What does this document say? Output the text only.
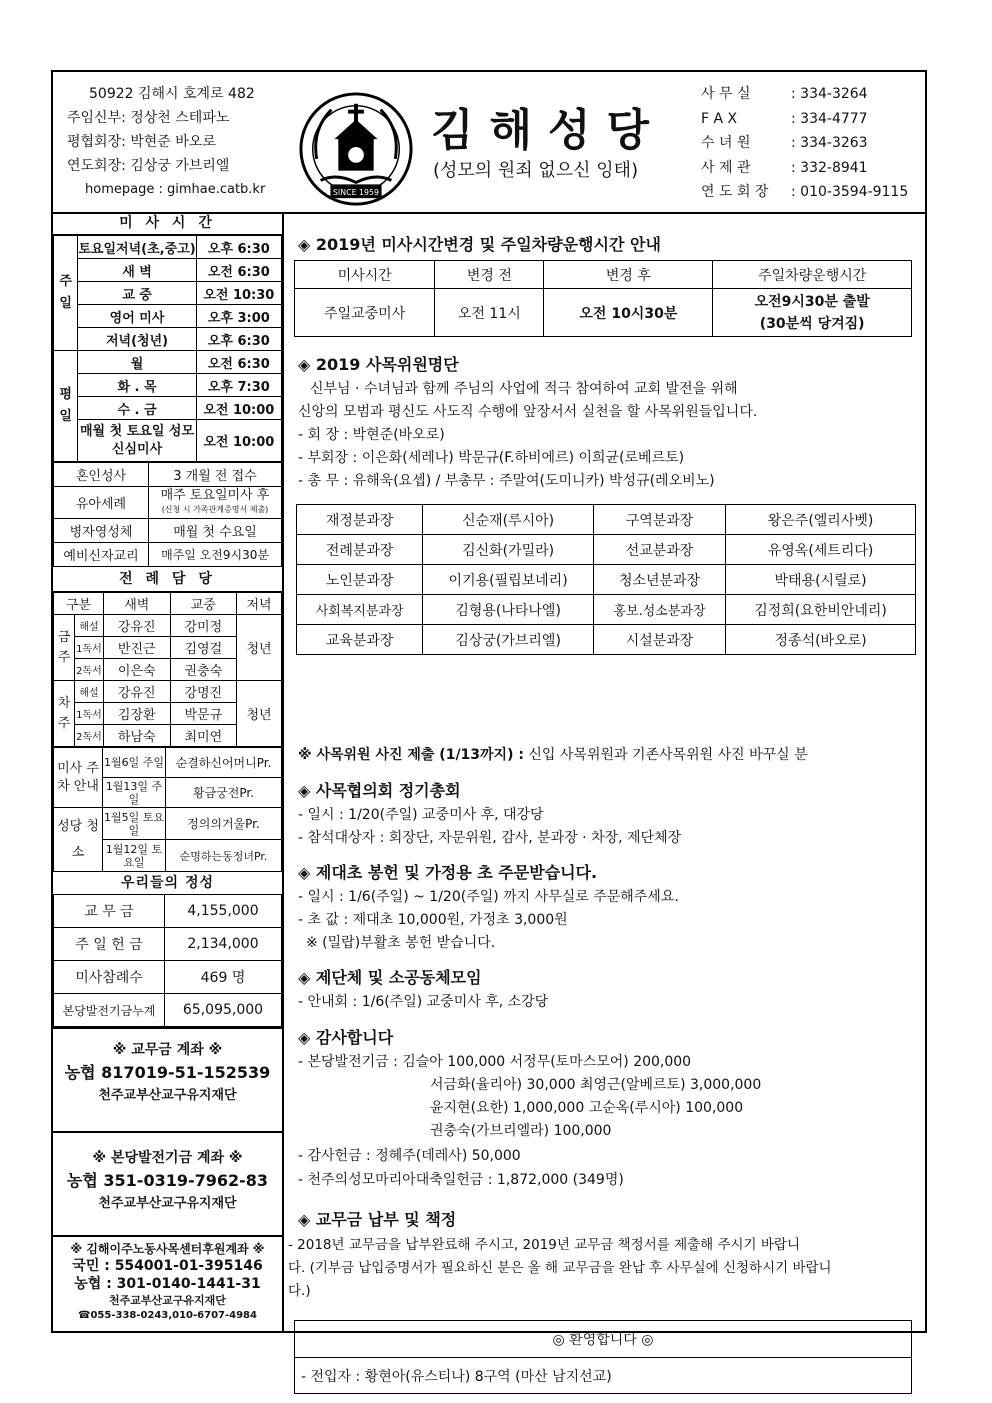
50922 김해시 호계로 482
주임신부: 정상천 스테파노
평협회장: 박현준 바오로
연도회장: 김상궁 가브리엘
homepage : gimhae.catb.kr	SINCE 1959
김해성당
(성모의 원죄 없으신 잉태)
사 무 실	: 334-3264
F A X	: 334-4777
수 녀 원	: 334-3263
사 제 관	: 332-8941
연 도 회 장	: 010-3594-9115
미 사 시 간
주일	토요일저녁(초,중고)	오후 6:30
	새 벽	오전 6:30
	교 중	오전 10:30
	영어 미사	오후 3:00
	저녁(청년)	오후 6:30
평일	월	오전 6:30
	화 . 목	오후 7:30
	수 . 금	오전 10:00
	매월 첫 토요일 성모신심미사	오전 10:00
혼인성사	3 개월 전 접수
유아세례	매주 토요일미사 후
(신청 시 가족관계증명서 제출)

병자영성체	매월 첫 수요일
예비신자교리	매주일 오전9시30분
전 례 담 당
구분		새벽	교중	저녁
금주	해설	강유진	강미정	청년
	1독서	반진근	김영걸	
	2독서	이은숙	권충숙	
차주	해설	강유진	강명진	청년
	1독서	김장환	박문규	
	2독서	하남숙	최미연	
미사 주차 안내	1월6일 주일	순결하신어머니Pr.
	1월13일 주일	황금궁전Pr.
성당 청소	1월5일 토요일	정의의거울Pr.
	1월12일 토요일	순명하는동정녀Pr.
우리들의 정성
교 무 금	4,155,000
주 일 헌 금	2,134,000
미사참례수	469 명
본당발전기금누계	65,095,000
※ 교무금 계좌 ※
농협 817019-51-152539
천주교부산교구유지재단
※ 본당발전기금 계좌 ※
농협 351-0319-7962-83
천주교부산교구유지재단
※ 김해이주노동사목센터후원계좌 ※
국민 : 554001-01-395146
농협 : 301-0140-1441-31
천주교부산교구유지재단
☎055-338-0243,010-6707-4984
◈ 2019년 미사시간변경 및 주일차량운행시간 안내
미사시간	변경 전	변경 후	주일차량운행시간
주일교중미사	오전 11시	오전 10시30분	오전9시30분 출발
(30분씩 당겨짐)
◈ 2019 사목위원명단
신부님 · 수녀님과 함께 주님의 사업에 적극 참여하여 교회 발전을 위해
신앙의 모범과 평신도 사도직 수행에 앞장서서 실천을 할 사목위원들입니다.
- 회 장 : 박현준(바오로)
- 부회장 : 이은화(세레나) 박문규(F.하비에르) 이희균(로베르토)
- 총 무 : 유해욱(요셉) / 부총무 : 주말여(도미니카) 박성규(레오비노)
재정분과장	신순재(루시아)	구역분과장	왕은주(엘리사벳)
전례분과장	김신화(가밀라)	선교분과장	유영옥(세트리다)
노인분과장	이기용(필립보네리)	청소년분과장	박태용(시릴로)
사회복지분과장	김형용(나타나엘)	홍보.성소분과장	김정희(요한비안네리)
교육분과장	김상궁(가브리엘)	시설분과장	정종석(바오로)
※ 사목위원 사진 제출 (1/13까지) : 신입 사목위원과 기존사목위원 사진 바꾸실 분
◈ 사목협의회 정기총회
- 일시 : 1/20(주일) 교중미사 후, 대강당
- 참석대상자 : 회장단, 자문위원, 감사, 분과장 · 차장, 제단체장
◈ 제대초 봉헌 및 가정용 초 주문받습니다.
- 일시 : 1/6(주일) ~ 1/20(주일) 까지 사무실로 주문해주세요.
- 초 값 : 제대초 10,000원, 가정초 3,000원
※ (밀랍)부활초 봉헌 받습니다.
◈ 제단체 및 소공동체모임
- 안내회 : 1/6(주일) 교중미사 후, 소강당
◈ 감사합니다
- 본당발전기금 : 김슬아 100,000 서정무(토마스모어) 200,000
서금화(율리아) 30,000 최영근(알베르토) 3,000,000
윤지현(요한) 1,000,000 고순옥(루시아) 100,000
권충숙(가브리엘라) 100,000
- 감사헌금 : 정혜주(데레사) 50,000
- 천주의성모마리아대축일헌금 : 1,872,000 (349명)
◈ 교무금 납부 및 책정
- 2018년 교무금을 납부완료해 주시고, 2019년 교무금 책정서를 제출해 주시기 바랍니
다. (기부금 납입증명서가 필요하신 분은 올 해 교무금을 완납 후 사무실에 신청하시기 바랍니
다.)
◎ 환영합니다 ◎
- 전입자 : 황현아(유스티나) 8구역 (마산 남지선교)
